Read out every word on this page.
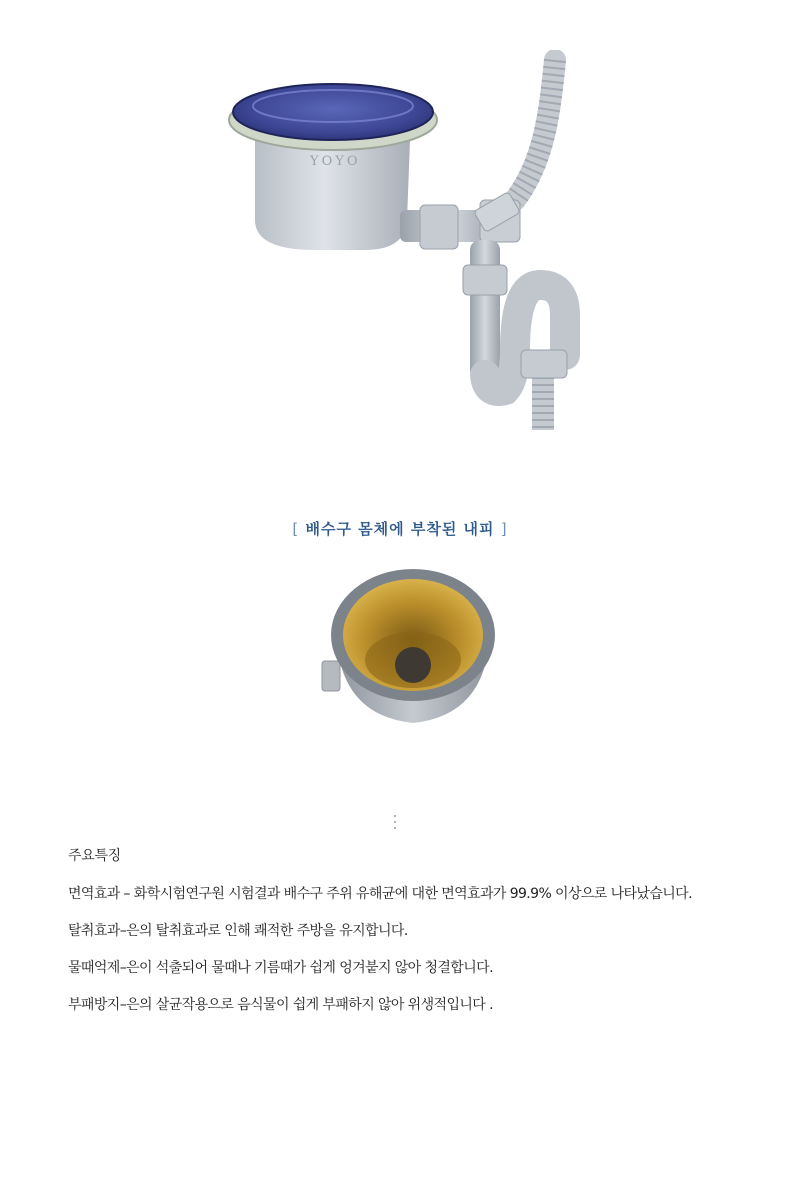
YOYO
[ 배수구 몸체에 부착된 내피 ]
주요특징
면역효과 – 화학시험연구원 시험결과 배수구 주위 유해균에 대한 면역효과가 99.9% 이상으로 나타났습니다.
탈취효과–은의 탈취효과로 인해 쾌적한 주방을 유지합니다.
물때억제–은이 석출되어 물때나 기름때가 쉽게 엉겨붙지 않아 청결합니다.
부패방지–은의 살균작용으로 음식물이 쉽게 부패하지 않아 위생적입니다 .
